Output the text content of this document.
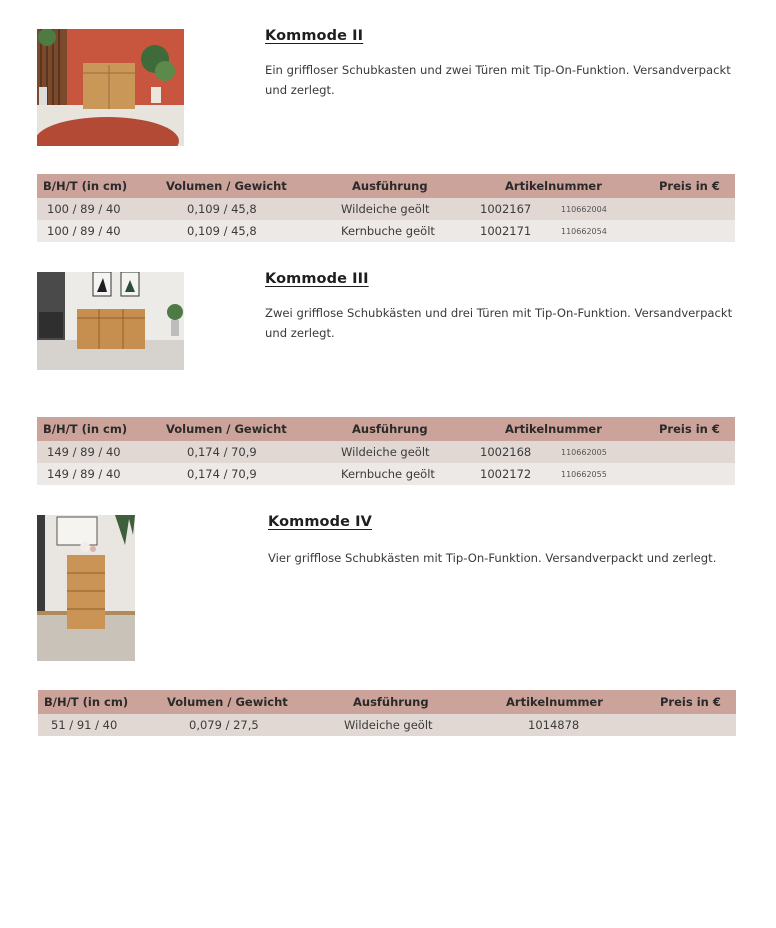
Kommode II
Ein griffloser Schubkasten und zwei Türen mit Tip-On-Funktion. Versandverpackt und zerlegt.
B/H/T (in cm)	Volumen / Gewicht	Ausführung	Artikelnummer	Preis in €
100 / 89 / 40	0,109 / 45,8	Wildeiche geölt	1002167	110662004
100 / 89 / 40	0,109 / 45,8	Kernbuche geölt	1002171	110662054
Kommode III
Zwei grifflose Schubkästen und drei Türen mit Tip-On-Funktion. Versandverpackt und zerlegt.
B/H/T (in cm)	Volumen / Gewicht	Ausführung	Artikelnummer	Preis in €
149 / 89 / 40	0,174 / 70,9	Wildeiche geölt	1002168	110662005
149 / 89 / 40	0,174 / 70,9	Kernbuche geölt	1002172	110662055
Kommode IV
Vier grifflose Schubkästen mit Tip-On-Funktion. Versandverpackt und zerlegt.
B/H/T (in cm)	Volumen / Gewicht	Ausführung	Artikelnummer	Preis in €
51 / 91 / 40	0,079 / 27,5	Wildeiche geölt	1014878
